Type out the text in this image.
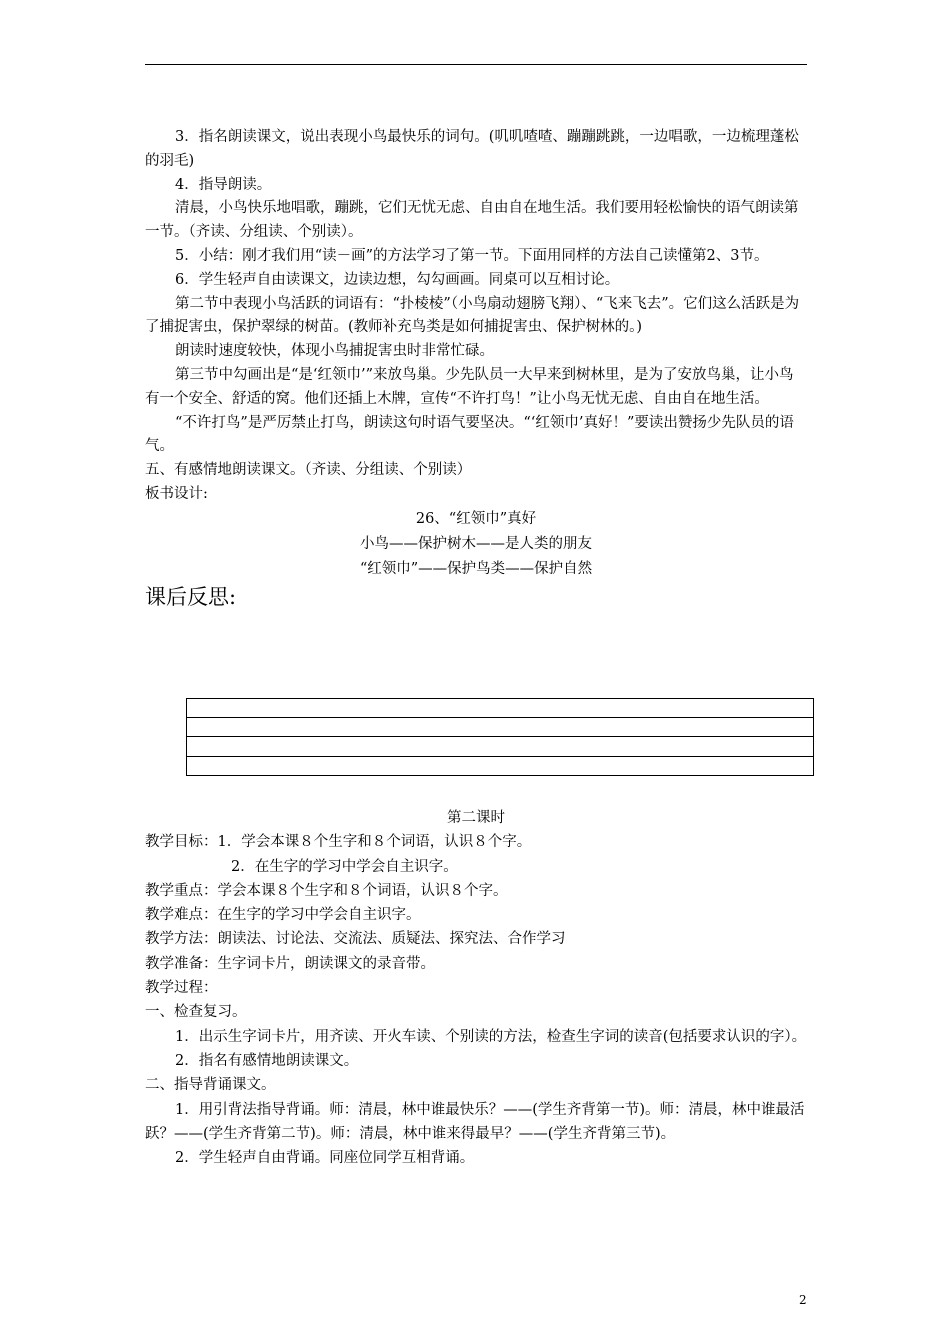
3．指名朗读课文，说出表现小鸟最快乐的词句。(叽叽喳喳、蹦蹦跳跳，一边唱歌，一边梳理蓬松的羽毛)

4．指导朗读。

清晨，小鸟快乐地唱歌，蹦跳，它们无忧无虑、自由自在地生活。我们要用轻松愉快的语气朗读第一节。（齐读、分组读、个别读）。

5．小结：刚才我们用“读－画”的方法学习了第一节。下面用同样的方法自己读懂第2、3节。

6．学生轻声自由读课文，边读边想，勾勾画画。同桌可以互相讨论。

第二节中表现小鸟活跃的词语有：“扑棱棱”（小鸟扇动翅膀飞翔）、“飞来飞去”。它们这么活跃是为了捕捉害虫，保护翠绿的树苗。(教师补充鸟类是如何捕捉害虫、保护树林的。)

朗读时速度较快，体现小鸟捕捉害虫时非常忙碌。

第三节中勾画出是“是‘红领巾’”来放鸟巢。少先队员一大早来到树林里，是为了安放鸟巢，让小鸟有一个安全、舒适的窝。他们还插上木牌，宣传“不许打鸟！”让小鸟无忧无虑、自由自在地生活。

“不许打鸟”是严厉禁止打鸟，朗读这句时语气要坚决。“‘红领巾’真好！”要读出赞扬少先队员的语气。

五、有感情地朗读课文。（齐读、分组读、个别读）

板书设计:

26、“红领巾”真好

小鸟——保护树木——是人类的朋友

“红领巾”——保护鸟类——保护自然

课后反思:

第二课时

教学目标：1．学会本课８个生字和８个词语，认识８个字。

2．在生字的学习中学会自主识字。

教学重点：学会本课８个生字和８个词语，认识８个字。

教学难点：在生字的学习中学会自主识字。

教学方法：朗读法、讨论法、交流法、质疑法、探究法、合作学习

教学准备：生字词卡片，朗读课文的录音带。

教学过程：

一、检查复习。

1．出示生字词卡片，用齐读、开火车读、个别读的方法，检查生字词的读音(包括要求认识的字）。

2．指名有感情地朗读课文。

二、指导背诵课文。

1．用引背法指导背诵。师：清晨，林中谁最快乐？——(学生齐背第一节)。师：清晨，林中谁最活跃？——(学生齐背第二节)。师：清晨，林中谁来得最早？——(学生齐背第三节)。

2．学生轻声自由背诵。同座位同学互相背诵。

2
